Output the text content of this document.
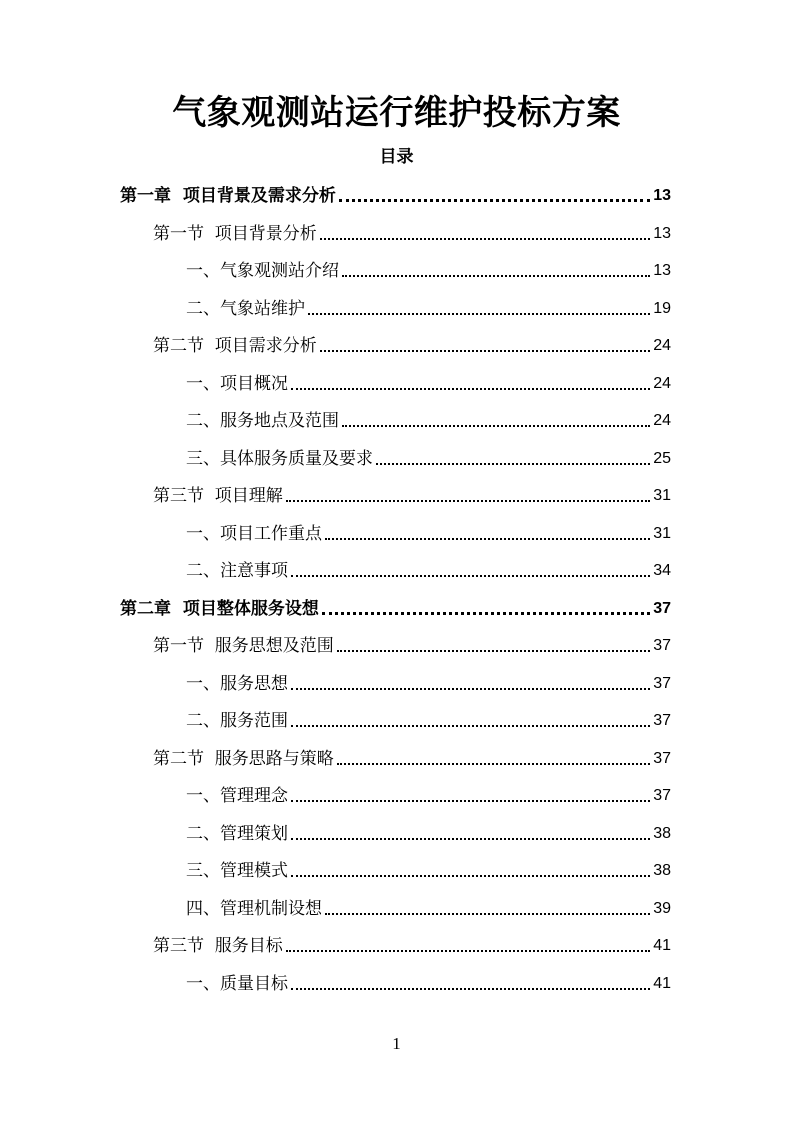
气象观测站运行维护投标方案
目录
第一章  项目背景及需求分析	13
第一节  项目背景分析	13
一、气象观测站介绍	13
二、气象站维护	19
第二节  项目需求分析	24
一、项目概况	24
二、服务地点及范围	24
三、具体服务质量及要求	25
第三节  项目理解	31
一、项目工作重点	31
二、注意事项	34
第二章  项目整体服务设想	37
第一节  服务思想及范围	37
一、服务思想	37
二、服务范围	37
第二节  服务思路与策略	37
一、管理理念	37
二、管理策划	38
三、管理模式	38
四、管理机制设想	39
第三节  服务目标	41
一、质量目标	41
1
